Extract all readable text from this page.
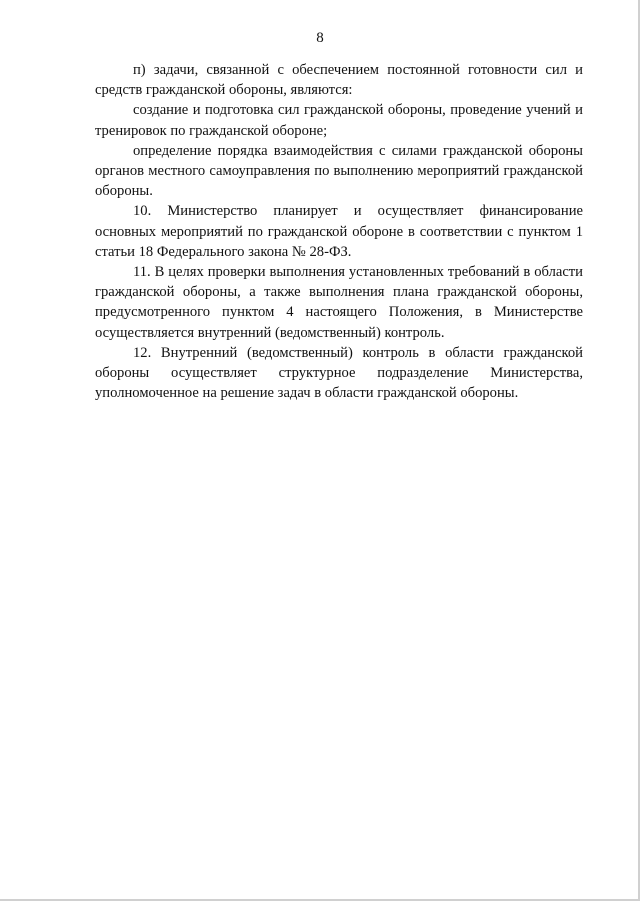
8

п) задачи, связанной с обеспечением постоянной готовности сил и средств гражданской обороны, являются:

создание и подготовка сил гражданской обороны, проведение учений и тренировок по гражданской обороне;

определение порядка взаимодействия с силами гражданской обороны органов местного самоуправления по выполнению мероприятий гражданской обороны.

10. Министерство планирует и осуществляет финансирование основных мероприятий по гражданской обороне в соответствии с пунктом 1 статьи 18 Федерального закона № 28-ФЗ.

11. В целях проверки выполнения установленных требований в области гражданской обороны, а также выполнения плана гражданской обороны, предусмотренного пунктом 4 настоящего Положения, в Министерстве осуществляется внутренний (ведомственный) контроль.

12. Внутренний (ведомственный) контроль в области гражданской обороны осуществляет структурное подразделение Министерства, уполномоченное на решение задач в области гражданской обороны.
